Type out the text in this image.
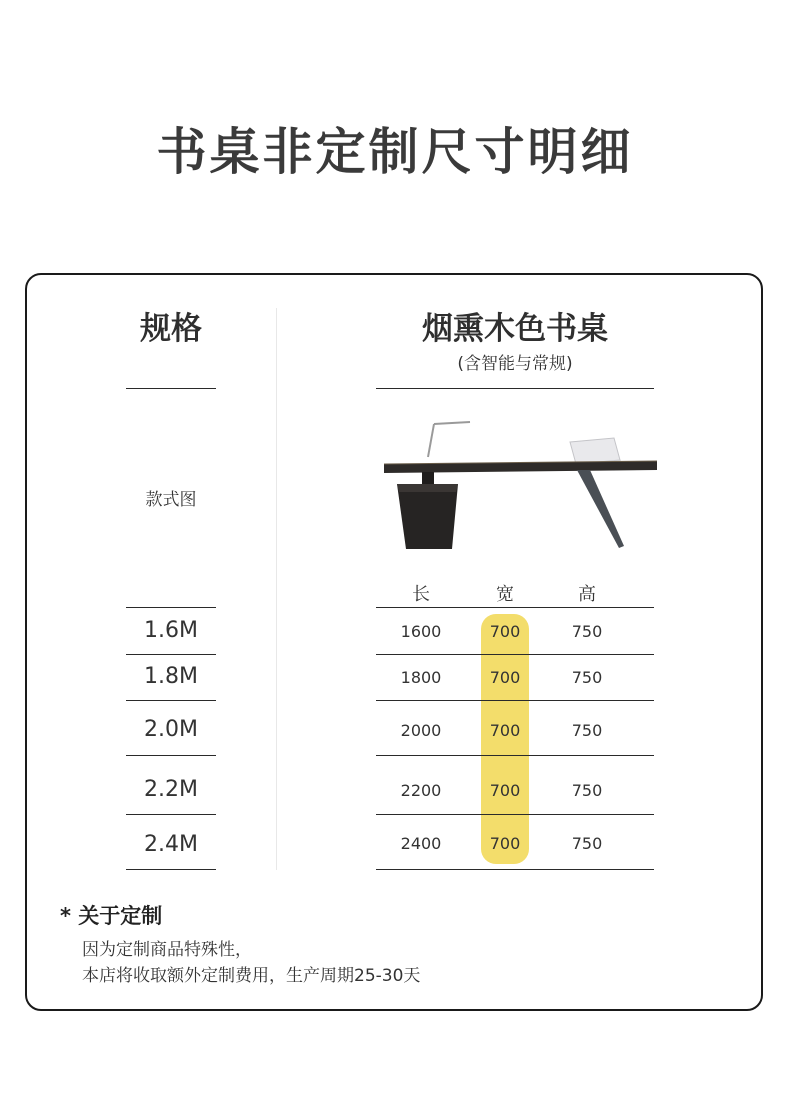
书桌非定制尺寸明细
规格	烟熏木色书桌
(含智能与常规)
款式图
长	宽	高
1.6M	1600	700	750
1.8M	1800	700	750
2.0M	2000	700	750
2.2M	2200	700	750
2.4M	2400	700	750
* 关于定制
因为定制商品特殊性，
本店将收取额外定制费用，生产周期25-30天
